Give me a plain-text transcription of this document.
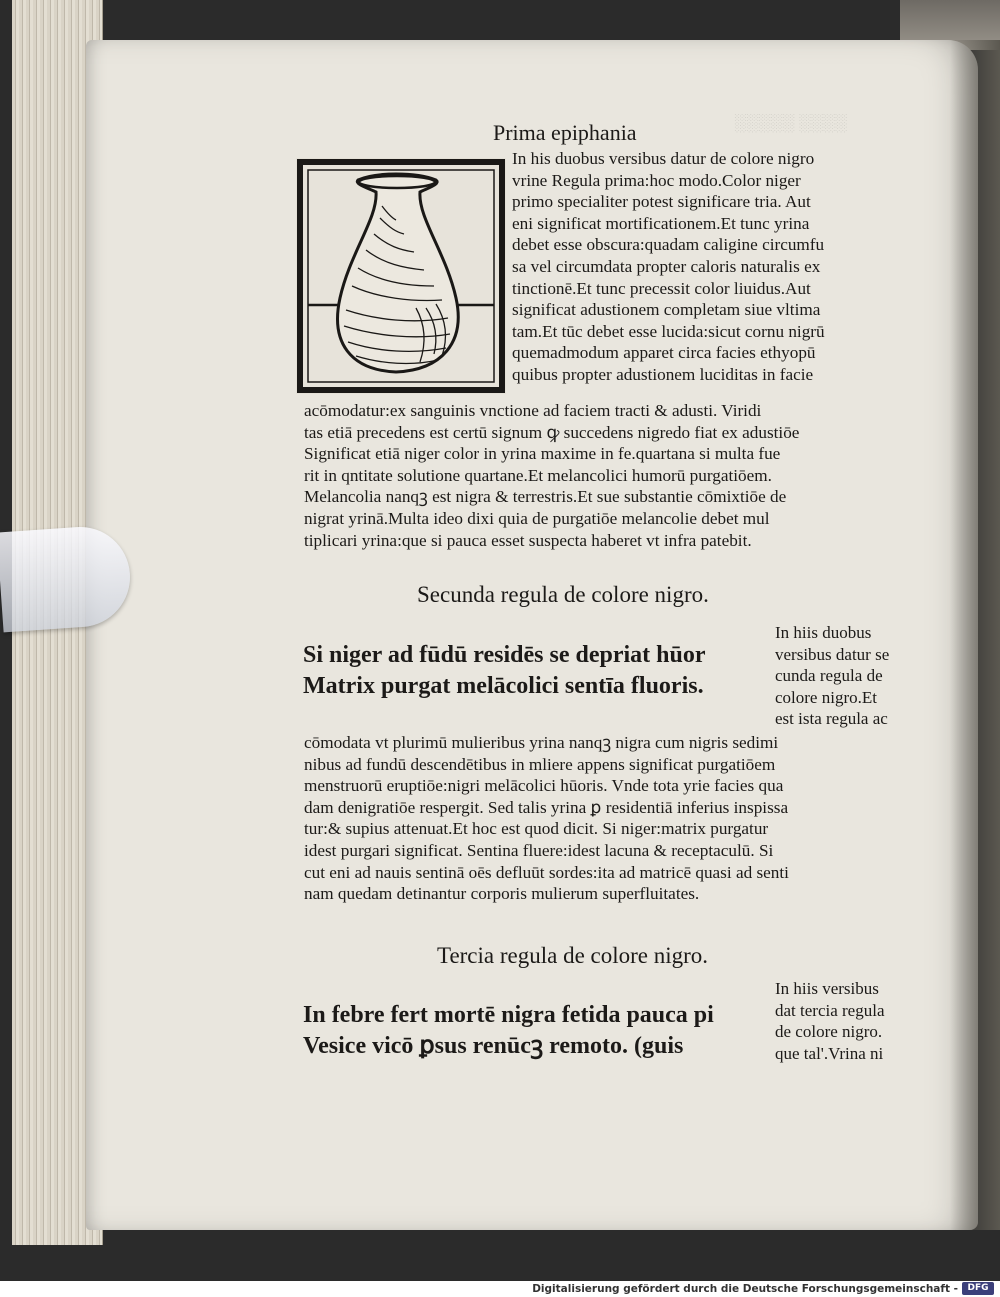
░░░░ ░░░░░
Prima epiphania
In his duobus versibus datur de colore nigro
vrine Regula prima:hoc modo.Color niger
primo specialiter potest significare tria. Aut
eni significat mortificationem.Et tunc yrina
debet esse obscura:quadam caligine circumfu
sa vel circumdata propter caloris naturalis ex
tinctionē.Et tunc precessit color liuidus.Aut
significat adustionem completam siue vltima
tam.Et tūc debet esse lucida:sicut cornu nigrū
quemadmodum apparet circa facies ethyopū
quibus propter adustionem luciditas in facie
acōmodatur:ex sanguinis vnctione ad faciem tracti & adusti. Viridi
tas etiā precedens est certū signum ꝙ succedens nigredo fiat ex adustiōe
Significat etiā niger color in yrina maxime in fe.quartana si multa fue
rit in qntitate solutione quartane.Et melancolici humorū purgatiōem.
Melancolia nanqꝫ est nigra & terrestris.Et sue substantie cōmixtiōe de
nigrat yrinā.Multa ideo dixi quia de purgatiōe melancolie debet mul
tiplicari yrina:que si pauca esset suspecta haberet vt infra patebit.
Secunda regula de colore nigro.
Si niger ad fūdū residēs se depriat hūor
Matrix purgat melācolici sentīa fluoris.
In hiis duobus
versibus datur se
cunda regula de
colore nigro.Et
est ista regula ac
cōmodata vt plurimū mulieribus yrina nanqꝫ nigra cum nigris sedimi
nibus ad fundū descendētibus in mliere appens significat purgatiōem
menstruorū eruptiōe:nigri melācolici hūoris. Vnde tota yrie facies qua
dam denigratiōe respergit. Sed talis yrina ꝑ residentiā inferius inspissa
tur:& supius attenuat.Et hoc est quod dicit. Si niger:matrix purgatur
idest purgari significat. Sentina fluere:idest lacuna & receptaculū. Si
cut eni ad nauis sentinā oēs defluūt sordes:ita ad matricē quasi ad senti
nam quedam detinantur corporis mulierum superfluitates.
Tercia regula de colore nigro.
In febre fert mortē nigra fetida pauca pi
Vesice vicō ꝑsus renūcꝫ remoto. (guis
In hiis versibus
dat tercia regula
de colore nigro.
que tal'.Vrina ni
Digitalisierung gefördert durch die Deutsche Forschungsgemeinschaft -	DFG
